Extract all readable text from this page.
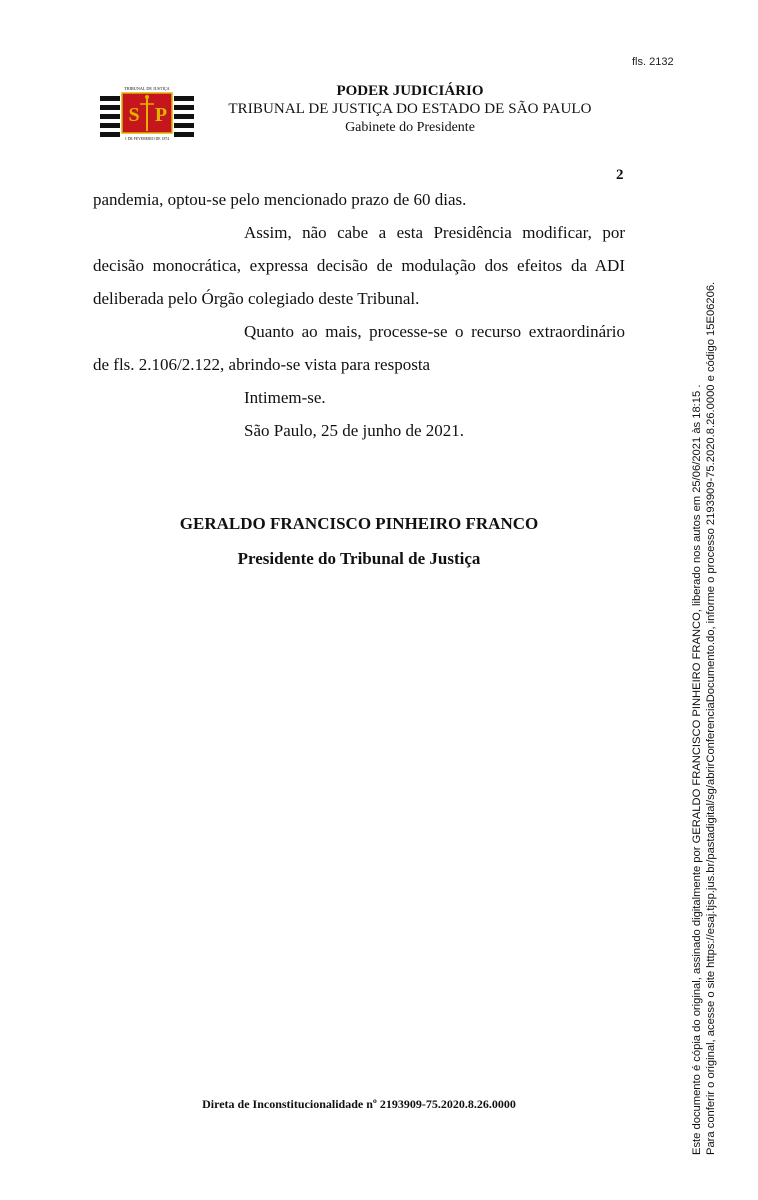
fls. 2132
TRIBUNAL DE JUSTIÇA
S P
1 DE FEVEREIRO DE 1874
PODER JUDICIÁRIO
TRIBUNAL DE JUSTIÇA DO ESTADO DE SÃO PAULO
Gabinete do Presidente
2

pandemia, optou-se pelo mencionado prazo de 60 dias.

Assim, não cabe a esta Presidência modificar, por decisão monocrática, expressa decisão de modulação dos efeitos da ADI deliberada pelo Órgão colegiado deste Tribunal.

Quanto ao mais, processe-se o recurso extraordinário de fls. 2.106/2.122, abrindo-se vista para resposta

Intimem-se.

São Paulo, 25 de junho de 2021.

GERALDO FRANCISCO PINHEIRO FRANCO
Presidente do Tribunal de Justiça
Direta de Inconstitucionalidade nº 2193909-75.2020.8.26.0000	Este documento é cópia do original, assinado digitalmente por GERALDO FRANCISCO PINHEIRO FRANCO, liberado nos autos em 25/06/2021 às 18:15 . Para conferir o original, acesse o site https://esaj.tjsp.jus.br/pastadigital/sg/abrirConferenciaDocumento.do, informe o processo 2193909-75.2020.8.26.0000 e código 15E06206.
